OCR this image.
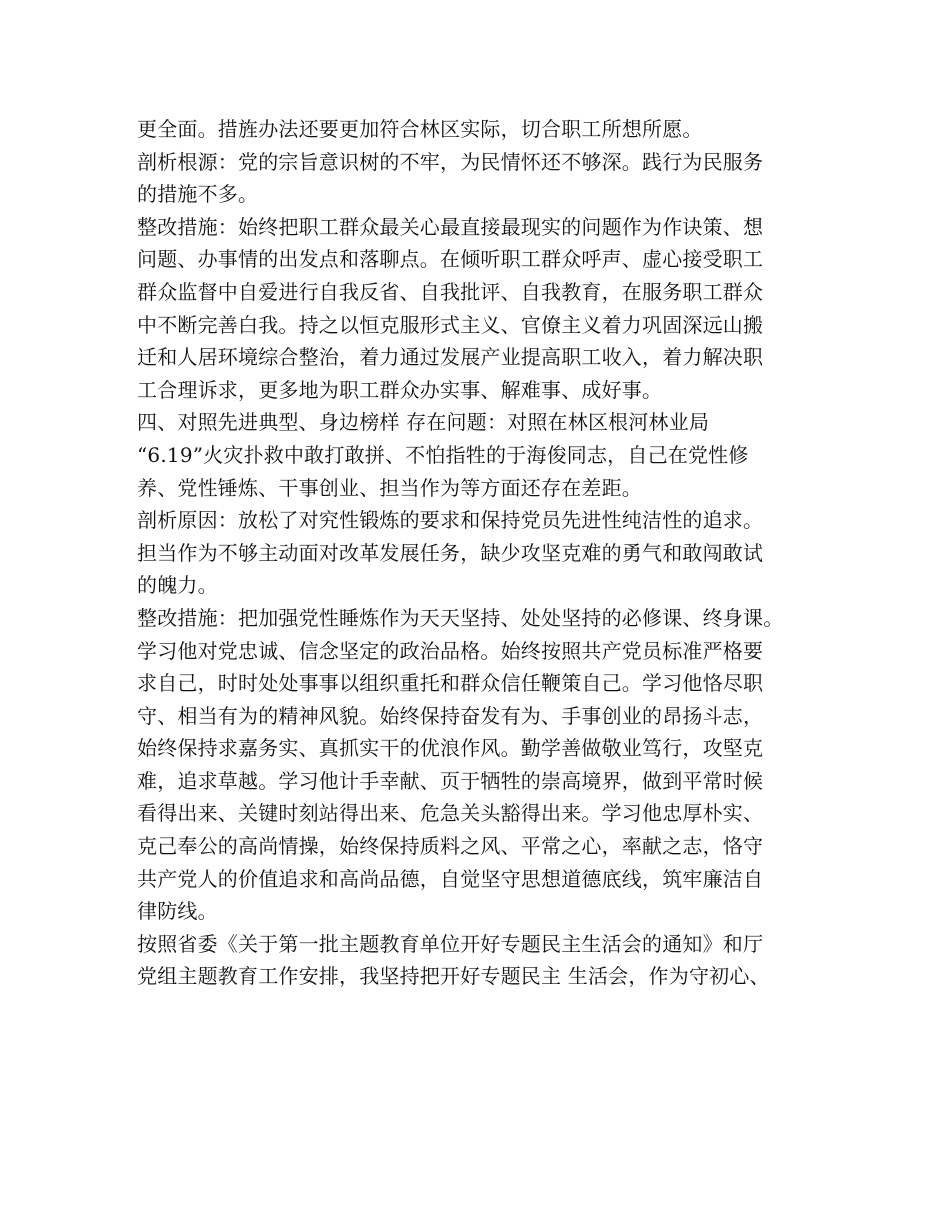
更全面。措旌办法还要更加符合林区实际，切合职工所想所愿。
剖析根源：党的宗旨意识树的不牢，为民情怀还不够深。践行为民服务
的措施不多。
整改措施：始终把职工群众最关心最直接最现实的问题作为作诀策、想
问题、办事情的出发点和落聊点。在倾听职工群众呼声、虚心接受职工
群众监督中自爱进行自我反省、自我批评、自我教育，在服务职工群众
中不断完善白我。持之以恒克服形式主义、官僚主义着力巩固深远山搬
迁和人居环境综合整治，着力通过发展产业提高职工收入，着力解决职
工合理诉求，更多地为职工群众办实事、解难事、成好事。
四、对照先进典型、身边榜样 存在问题：对照在林区根河林业局
“6.19”火灾扑救中敢打敢拼、不怕指牲的于海俊同志，自己在党性修
养、党性锤炼、干事创业、担当作为等方面还存在差距。
剖析原因：放松了对究性锻炼的要求和保持党员先进性纯洁性的追求。
担当作为不够主动面对改革发展任务，缺少攻坚克难的勇气和敢闯敢试
的魄力。
整改措施：把加强党性睡炼作为天天坚持、处处坚持的必修课、终身课。
学习他对党忠诚、信念坚定的政治品格。始终按照共产党员标准严格要
求自己，时时处处事事以组织重托和群众信任鞭策自己。学习他恪尽职
守、相当有为的精神风貌。始终保持奋发有为、手事创业的昂扬斗志，
始终保持求嘉务实、真抓实干的优浪作风。勤学善做敬业笃行，攻堅克
难，追求草越。学习他计手幸献、页于牺牲的崇高境界，做到平常时候
看得出来、关键时刻站得出来、危急关头豁得出来。学习他忠厚朴实、
克己奉公的高尚情操，始终保持质料之风、平常之心，率献之志，恪守
共产党人的价值追求和高尚品德，自觉坚守思想道德底线，筑牢廉洁自
律防线。
按照省委《关于第一批主题教育单位开好专题民主生活会的通知》和厅
党组主题教育工作安排，我坚持把开好专题民主 生活会，作为守初心、
